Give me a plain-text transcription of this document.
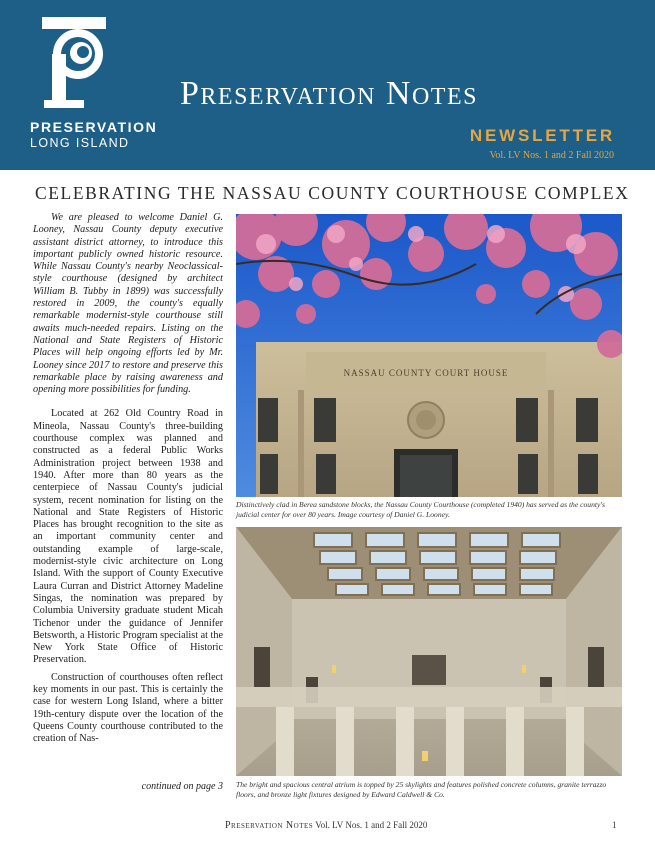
PRESERVATION
LONG ISLAND
Preservation Notes
NEWSLETTER
Vol. LV Nos. 1 and 2 Fall 2020
CELEBRATING THE NASSAU COUNTY COURTHOUSE COMPLEX

We are pleased to welcome Daniel G. Looney, Nassau County deputy executive assistant district attorney, to introduce this important publicly owned historic resource. While Nassau County's nearby Neoclassical-style courthouse (designed by architect William B. Tubby in 1899) was successfully restored in 2009, the county's equally remarkable modernist-style courthouse still awaits much-needed repairs. Listing on the National and State Registers of Historic Places will help ongoing efforts led by Mr. Looney since 2017 to restore and preserve this remarkable place by raising awareness and opening more possibilities for funding.

Located at 262 Old Country Road in Mineola, Nassau County's three-building courthouse complex was planned and constructed as a federal Public Works Administration project between 1938 and 1940. After more than 80 years as the centerpiece of Nassau County's judicial system, recent nomination for listing on the National and State Registers of Historic Places has brought recognition to the site as an important community center and outstanding example of large-scale, modernist-style civic architecture on Long Island. With the support of County Executive Laura Curran and District Attorney Madeline Singas, the nomination was prepared by Columbia University graduate student Micah Tichenor under the guidance of Jennifer Betsworth, a Historic Program specialist at the New York State Office of Historic Preservation.

Construction of courthouses often reflect key moments in our past. This is certainly the case for western Long Island, where a bitter 19th-century dispute over the location of the Queens County courthouse contributed to the creation of Nas-

continued on page 3
NASSAU COUNTY COURT HOUSE
Distinctively clad in Berea sandstone blocks, the Nassau County Courthouse (completed 1940) has served as the county's judicial center for over 80 years. Image courtesy of Daniel G. Looney.
The bright and spacious central atrium is topped by 25 skylights and features polished concrete columns, granite terrazzo floors, and bronze light fixtures designed by Edward Caldwell & Co.
Preservation Notes Vol. LV Nos. 1 and 2 Fall 2020	1
